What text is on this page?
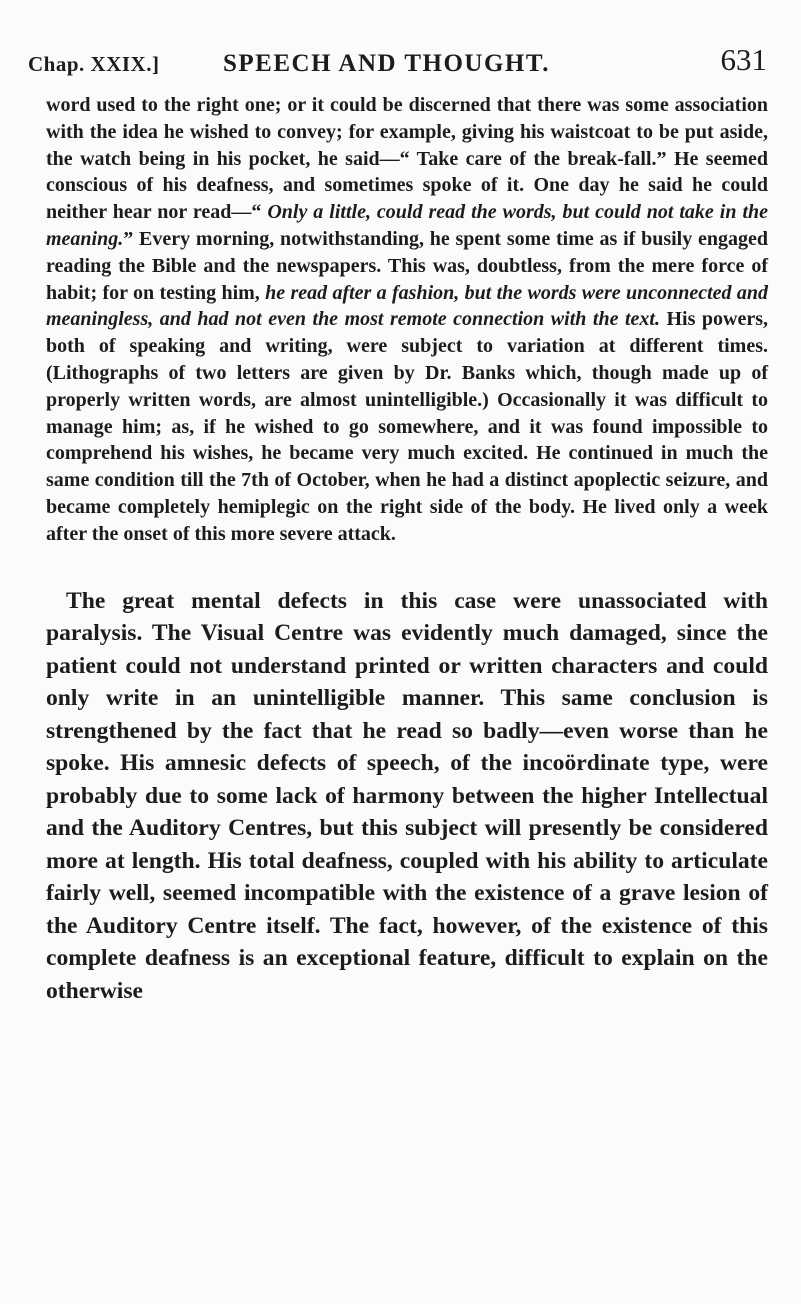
Chap. XXIX.]	SPEECH AND THOUGHT.	631

word used to the right one; or it could be discerned that there was some association with the idea he wished to convey; for example, giving his waistcoat to be put aside, the watch being in his pocket, he said—“ Take care of the break-fall.” He seemed conscious of his deafness, and sometimes spoke of it. One day he said he could neither hear nor read—“ Only a little, could read the words, but could not take in the meaning.” Every morning, notwithstanding, he spent some time as if busily engaged reading the Bible and the newspapers. This was, doubtless, from the mere force of habit; for on testing him, he read after a fashion, but the words were unconnected and meaningless, and had not even the most remote connection with the text. His powers, both of speaking and writing, were subject to variation at different times. (Lithographs of two letters are given by Dr. Banks which, though made up of properly written words, are almost unintelligible.) Occasionally it was difficult to manage him; as, if he wished to go somewhere, and it was found impossible to comprehend his wishes, he became very much excited. He continued in much the same condition till the 7th of October, when he had a distinct apoplectic seizure, and became completely hemiplegic on the right side of the body. He lived only a week after the onset of this more severe attack.

The great mental defects in this case were unassociated with paralysis. The Visual Centre was evidently much damaged, since the patient could not understand printed or written characters and could only write in an unintelligible manner. This same conclusion is strengthened by the fact that he read so badly—even worse than he spoke. His amnesic defects of speech, of the incoördinate type, were probably due to some lack of harmony between the higher Intellectual and the Auditory Centres, but this subject will presently be considered more at length. His total deafness, coupled with his ability to articulate fairly well, seemed incompatible with the existence of a grave lesion of the Auditory Centre itself. The fact, however, of the existence of this complete deafness is an exceptional feature, difficult to explain on the otherwise
